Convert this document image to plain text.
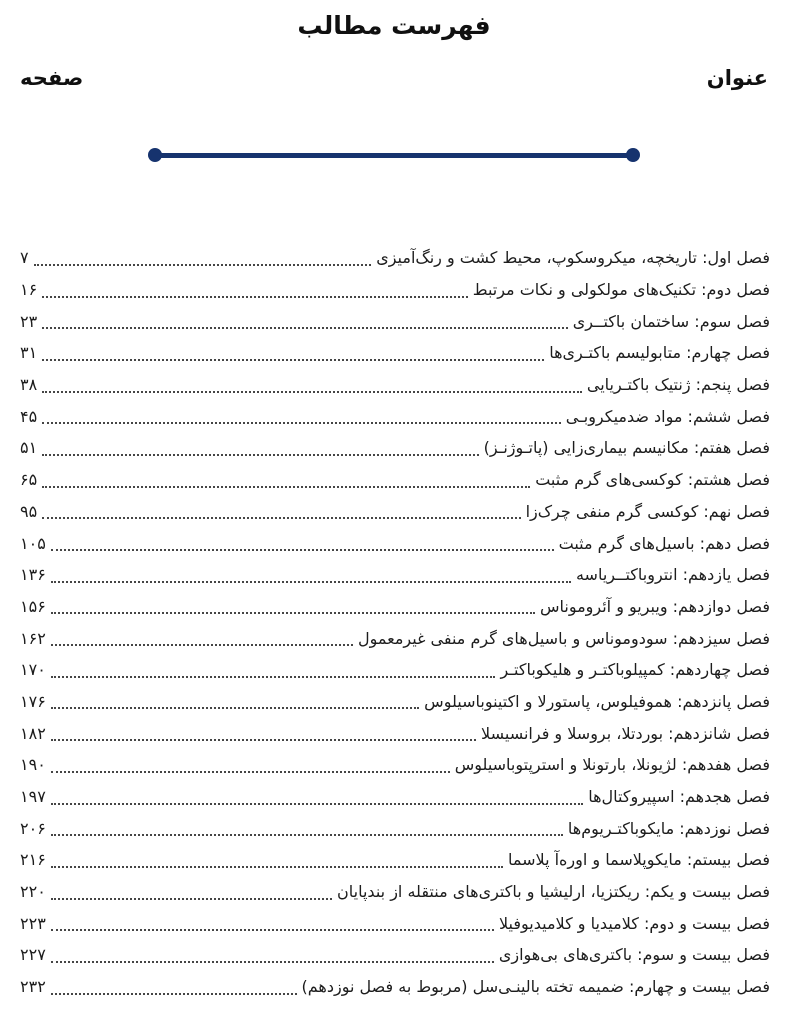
فهرست مطالب
عنوان
صفحه
فصل اول: تاریخچه، میکروسکوپ، محیط کشت و رنگ‌آمیزی
۷
فصل دوم: تکنیک‌های مولکولی و نکات مرتبط
۱۶
فصل سوم: ساختمان باکتــری
۲۳
فصل چهارم: متابولیسم باکتـری‌ها
۳۱
فصل پنجم: ژنتیک باکتـریایی
۳۸
فصل ششم: مواد ضدمیکروبـی
۴۵
فصل هفتم: مکانیسم بیماری‌زایی (پاتـوژنـز)
۵۱
فصل هشتم: کوکسی‌های گرم مثبت
۶۵
فصل نهم: کوکسی گرم منفی چرک‌زا
۹۵
فصل دهم: باسیل‌های گرم مثبت
۱۰۵
فصل یازدهم: انتروباکتــریاسه
۱۳۶
فصل دوازدهم: ویبریو و آئروموناس
۱۵۶
فصل سیزدهم: سودوموناس و باسیل‌های گرم منفی غیرمعمول
۱۶۲
فصل چهاردهم: کمپیلوباکتـر و هلیکوباکتـر
۱۷۰
فصل پانزدهم: هموفیلوس، پاستورلا و اکتینوباسیلوس
۱۷۶
فصل شانزدهم: بوردتلا، بروسلا و فرانسیسلا
۱۸۲
فصل هفدهم: لژیونلا، بارتونلا و استرپتوباسیلوس
۱۹۰
فصل هجدهم: اسپیروکتال‌ها
۱۹۷
فصل نوزدهم: مایکوباکتـریوم‌ها
۲۰۶
فصل بیستم: مایکوپلاسما و اوره‌آ پلاسما
۲۱۶
فصل بیست و یکم: ریکتزیا، ارلیشیا و باکتری‌های منتقله از بندپایان
۲۲۰
فصل بیست و دوم: کلامیدیا و کلامیدیوفیلا
۲۲۳
فصل بیست و سوم: باکتری‌های بی‌هوازی
۲۲۷
فصل بیست و چهارم: ضمیمه تخته بالینـی‌سل (مربوط به فصل نوزدهم)
۲۳۲
